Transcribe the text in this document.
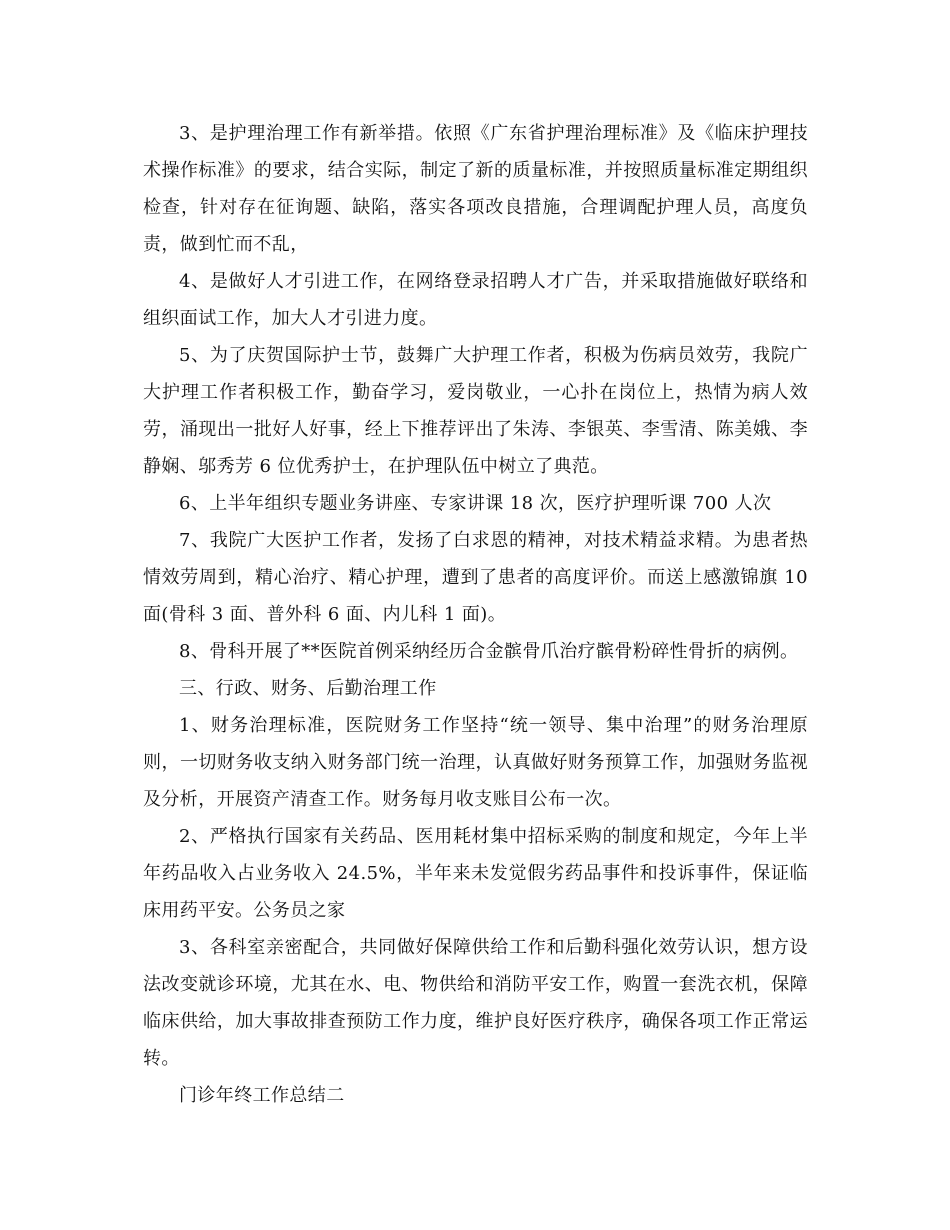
3、是护理治理工作有新举措。依照《广东省护理治理标准》及《临床护理技术操作标准》的要求，结合实际，制定了新的质量标准，并按照质量标准定期组织检查，针对存在征询题、缺陷，落实各项改良措施，合理调配护理人员，高度负责，做到忙而不乱，

4、是做好人才引进工作，在网络登录招聘人才广告，并采取措施做好联络和组织面试工作，加大人才引进力度。

5、为了庆贺国际护士节，鼓舞广大护理工作者，积极为伤病员效劳，我院广大护理工作者积极工作，勤奋学习，爱岗敬业，一心扑在岗位上，热情为病人效劳，涌现出一批好人好事，经上下推荐评出了朱涛、李银英、李雪清、陈美娥、李静娴、邬秀芳 6 位优秀护士，在护理队伍中树立了典范。

6、上半年组织专题业务讲座、专家讲课 18 次，医疗护理听课 700 人次

7、我院广大医护工作者，发扬了白求恩的精神，对技术精益求精。为患者热情效劳周到，精心治疗、精心护理，遭到了患者的高度评价。而送上感激锦旗 10 面(骨科 3 面、普外科 6 面、内儿科 1 面)。

8、骨科开展了**医院首例采纳经历合金髌骨爪治疗髌骨粉碎性骨折的病例。

三、行政、财务、后勤治理工作

1、财务治理标准，医院财务工作坚持“统一领导、集中治理”的财务治理原则，一切财务收支纳入财务部门统一治理，认真做好财务预算工作，加强财务监视及分析，开展资产清查工作。财务每月收支账目公布一次。

2、严格执行国家有关药品、医用耗材集中招标采购的制度和规定，今年上半年药品收入占业务收入 24.5%，半年来未发觉假劣药品事件和投诉事件，保证临床用药平安。公务员之家

3、各科室亲密配合，共同做好保障供给工作和后勤科强化效劳认识，想方设法改变就诊环境，尤其在水、电、物供给和消防平安工作，购置一套洗衣机，保障临床供给，加大事故排查预防工作力度，维护良好医疗秩序，确保各项工作正常运转。

门诊年终工作总结二
